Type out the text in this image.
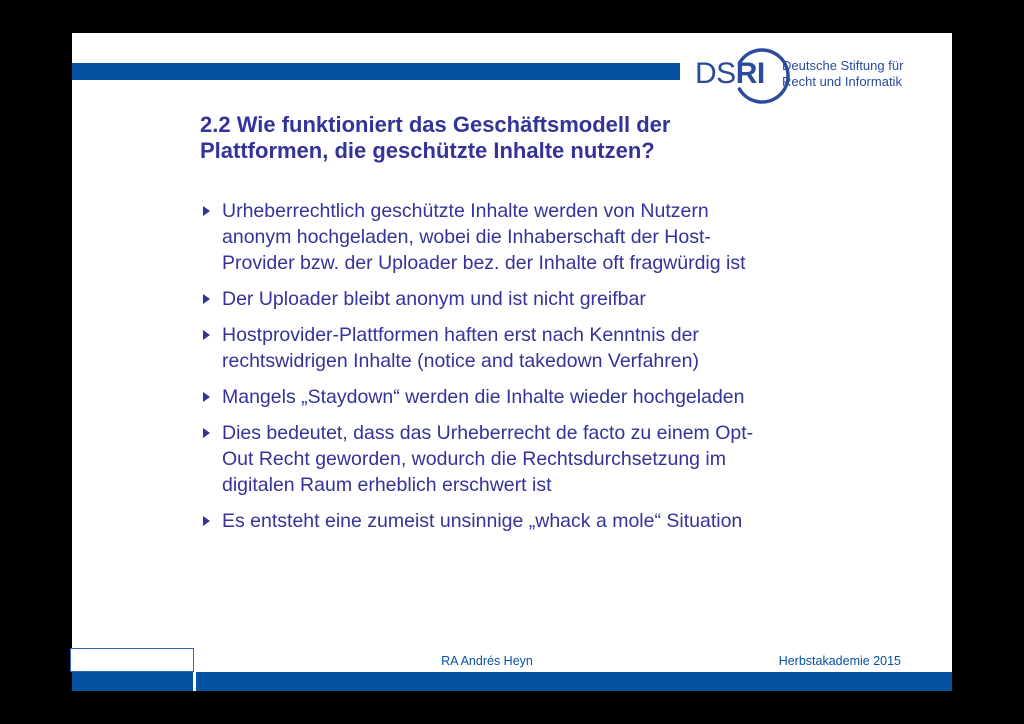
DSRI Deutsche Stiftung für
Recht und Informatik
2.2 Wie funktioniert das Geschäftsmodell der
Plattformen, die geschützte Inhalte nutzen?
Urheberrechtlich geschützte Inhalte werden von Nutzern
anonym hochgeladen, wobei die Inhaberschaft der Host-
Provider bzw. der Uploader bez. der Inhalte oft fragwürdig ist
Der Uploader bleibt anonym und ist nicht greifbar
Hostprovider-Plattformen haften erst nach Kenntnis der
rechtswidrigen Inhalte (notice and takedown Verfahren)
Mangels „Staydown“ werden die Inhalte wieder hochgeladen
Dies bedeutet, dass das Urheberrecht de facto zu einem Opt-
Out Recht geworden, wodurch die Rechtsdurchsetzung im
digitalen Raum erheblich erschwert ist
Es entsteht eine zumeist unsinnige „whack a mole“ Situation
RA Andrés Heyn	Herbstakademie 2015
